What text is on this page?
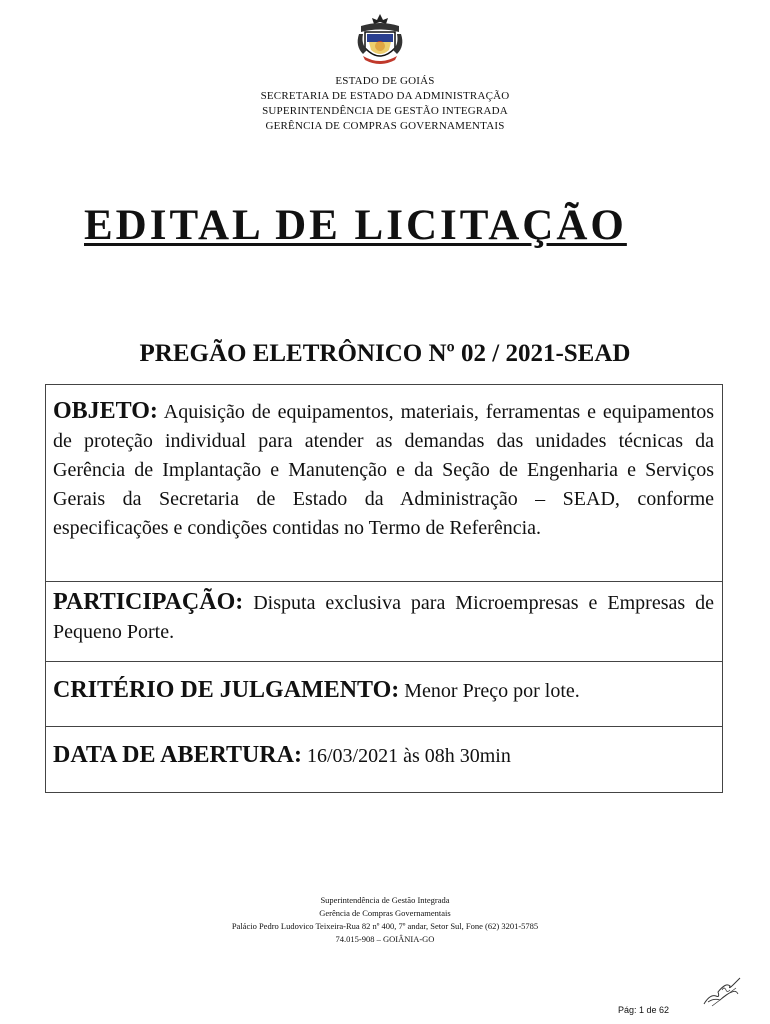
ESTADO DE GOIÁS
SECRETARIA DE ESTADO DA ADMINISTRAÇÃO
SUPERINTENDÊNCIA DE GESTÃO INTEGRADA
GERÊNCIA DE COMPRAS GOVERNAMENTAIS
EDITAL DE LICITAÇÃO
PREGÃO ELETRÔNICO Nº 02 / 2021-SEAD
OBJETO: Aquisição de equipamentos, materiais, ferramentas e equipamentos de proteção individual para atender as demandas das unidades técnicas da Gerência de Implantação e Manutenção e da Seção de Engenharia e Serviços Gerais da Secretaria de Estado da Administração – SEAD, conforme especificações e condições contidas no Termo de Referência.
PARTICIPAÇÃO: Disputa exclusiva para Microempresas e Empresas de Pequeno Porte.
CRITÉRIO DE JULGAMENTO: Menor Preço por lote.
DATA DE ABERTURA: 16/03/2021 às 08h 30min
Superintendência de Gestão Integrada
Gerência de Compras Governamentais
Palácio Pedro Ludovico Teixeira-Rua 82 nº 400, 7º andar, Setor Sul, Fone (62) 3201-5785
74.015-908 – GOIÂNIA-GO
Pág: 1 de 62
